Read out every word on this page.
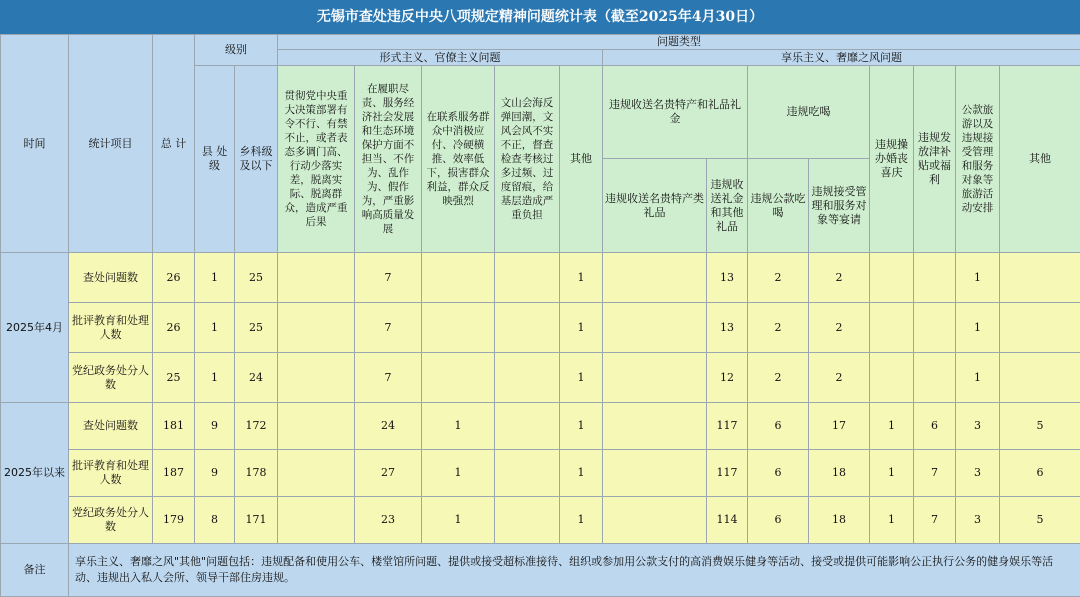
无锡市查处违反中央八项规定精神问题统计表（截至2025年4月30日）
时间	统计项目	总 计	级别		问题类型												
					形式主义、官僚主义问题					享乐主义、奢靡之风问题							
			县 处 级	乡科级及以下	贯彻党中央重大决策部署有令不行、有禁不止，或者表态多调门高、行动少落实差，脱离实际、脱离群众，造成严重后果	在履职尽责、服务经济社会发展和生态环境保护方面不担当、不作为、乱作为、假作为，严重影响高质量发展	在联系服务群众中消极应付、冷硬横推、效率低下，损害群众利益，群众反映强烈	文山会海反弹回潮，文风会风不实不正，督查检查考核过多过频、过度留痕，给基层造成严重负担	其他	违规收送名贵特产和礼品礼金		违规吃喝		违规操办婚丧喜庆	违规发放津补贴或福利	公款旅游以及违规接受管理和服务对象等旅游活动安排	其他
										违规收送名贵特产类礼品	违规收送礼金和其他礼品	违规公款吃喝	违规接受管理和服务对象等宴请				
2025年4月	查处问题数	26	1	25		7			1		13	2	2			1	
	批评教育和处理人数	26	1	25		7			1		13	2	2			1	
	党纪政务处分人数	25	1	24		7			1		12	2	2			1	
2025年以来	查处问题数	181	9	172		24	1		1		117	6	17	1	6	3	5
	批评教育和处理人数	187	9	178		27	1		1		117	6	18	1	7	3	6
	党纪政务处分人数	179	8	171		23	1		1		114	6	18	1	7	3	5
备注	享乐主义、奢靡之风"其他"问题包括：违规配备和使用公车、楼堂馆所问题、提供或接受超标准接待、组织或参加用公款支付的高消费娱乐健身等活动、接受或提供可能影响公正执行公务的健身娱乐等活动、违规出入私人会所、领导干部住房违规。																
